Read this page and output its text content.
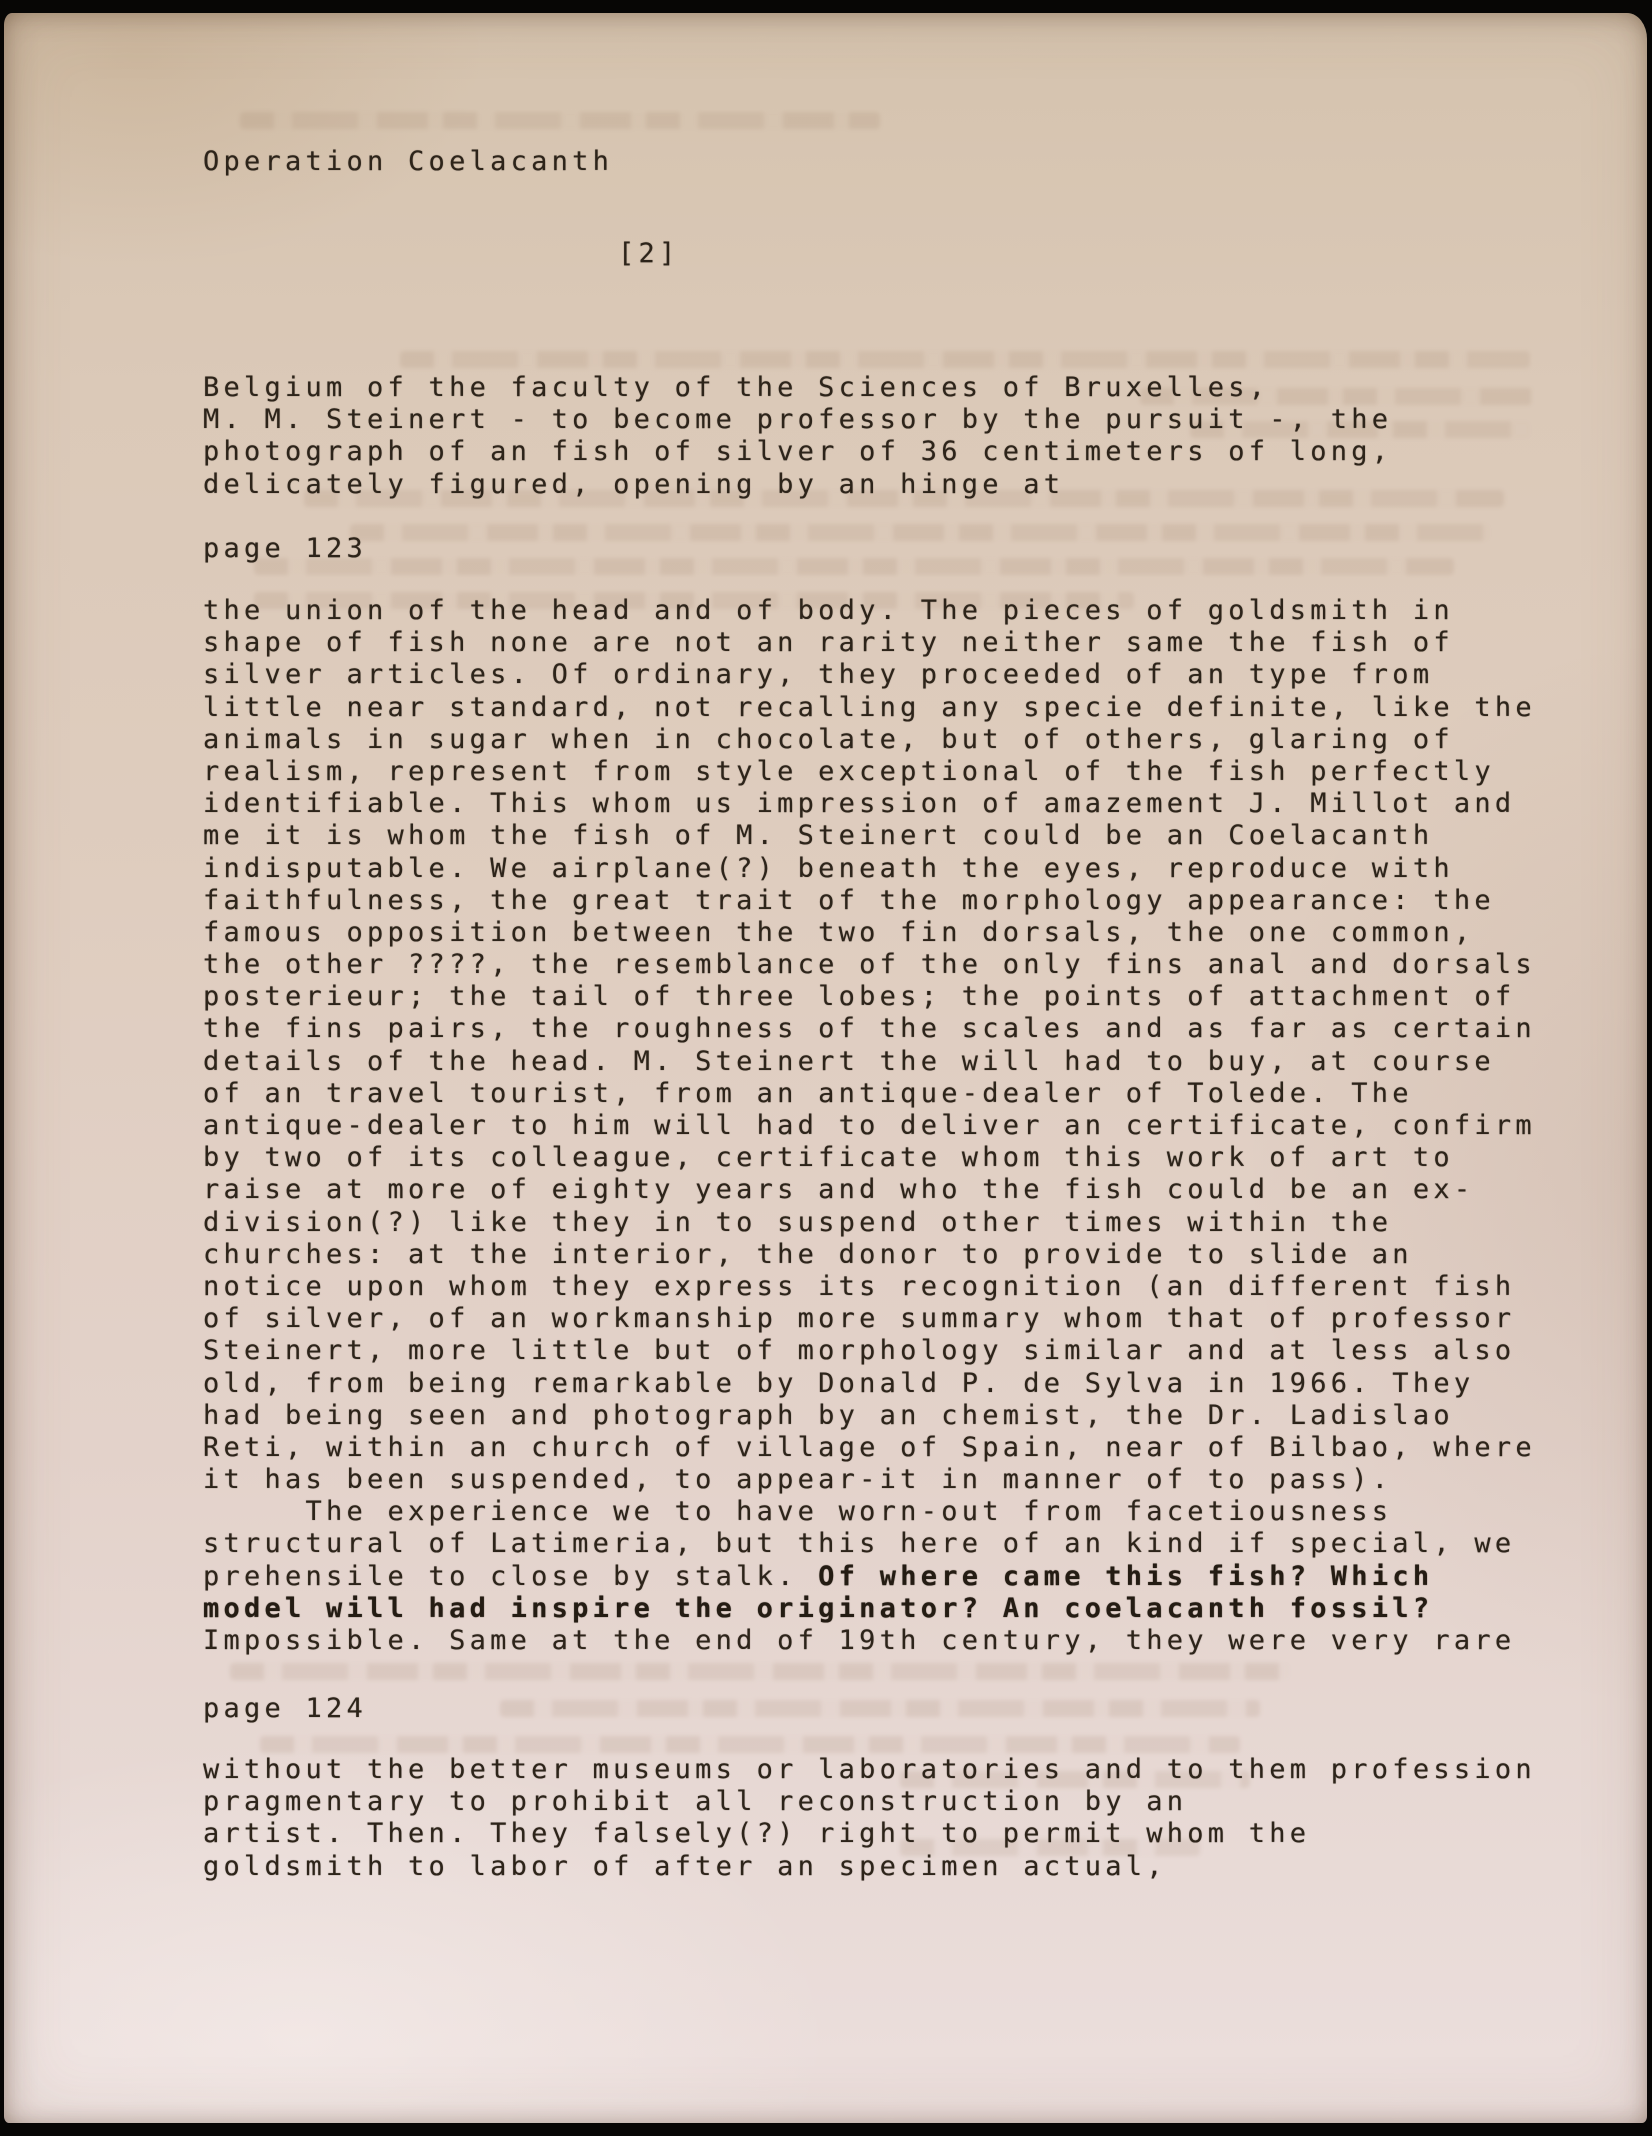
Operation Coelacanth
[2]
Belgium of the faculty of the Sciences of Bruxelles,
M. M. Steinert - to become professor by the pursuit -, the
photograph of an fish of silver of 36 centimeters of long,
delicately figured, opening by an hinge at
page 123
the union of the head and of body. The pieces of goldsmith in
shape of fish none are not an rarity neither same the fish of
silver articles. Of ordinary, they proceeded of an type from
little near standard, not recalling any specie definite, like the
animals in sugar when in chocolate, but of others, glaring of
realism, represent from style exceptional of the fish perfectly
identifiable. This whom us impression of amazement J. Millot and
me it is whom the fish of M. Steinert could be an Coelacanth
indisputable. We airplane(?) beneath the eyes, reproduce with
faithfulness, the great trait of the morphology appearance: the
famous opposition between the two fin dorsals, the one common,
the other ????, the resemblance of the only fins anal and dorsals
posterieur; the tail of three lobes; the points of attachment of
the fins pairs, the roughness of the scales and as far as certain
details of the head. M. Steinert the will had to buy, at course
of an travel tourist, from an antique-dealer of Tolede. The
antique-dealer to him will had to deliver an certificate, confirm
by two of its colleague, certificate whom this work of art to
raise at more of eighty years and who the fish could be an ex-
division(?) like they in to suspend other times within the
churches: at the interior, the donor to provide to slide an
notice upon whom they express its recognition (an different fish
of silver, of an workmanship more summary whom that of professor
Steinert, more little but of morphology similar and at less also
old, from being remarkable by Donald P. de Sylva in 1966. They
had being seen and photograph by an chemist, the Dr. Ladislao
Reti, within an church of village of Spain, near of Bilbao, where
it has been suspended, to appear-it in manner of to pass).
The experience we to have worn-out from facetiousness
structural of Latimeria, but this here of an kind if special, we
prehensile to close by stalk. Of where came this fish? Which
model will had inspire the originator? An coelacanth fossil?
Impossible. Same at the end of 19th century, they were very rare
page 124
without the better museums or laboratories and to them profession
pragmentary to prohibit all reconstruction by an
artist. Then. They falsely(?) right to permit whom the
goldsmith to labor of after an specimen actual,
